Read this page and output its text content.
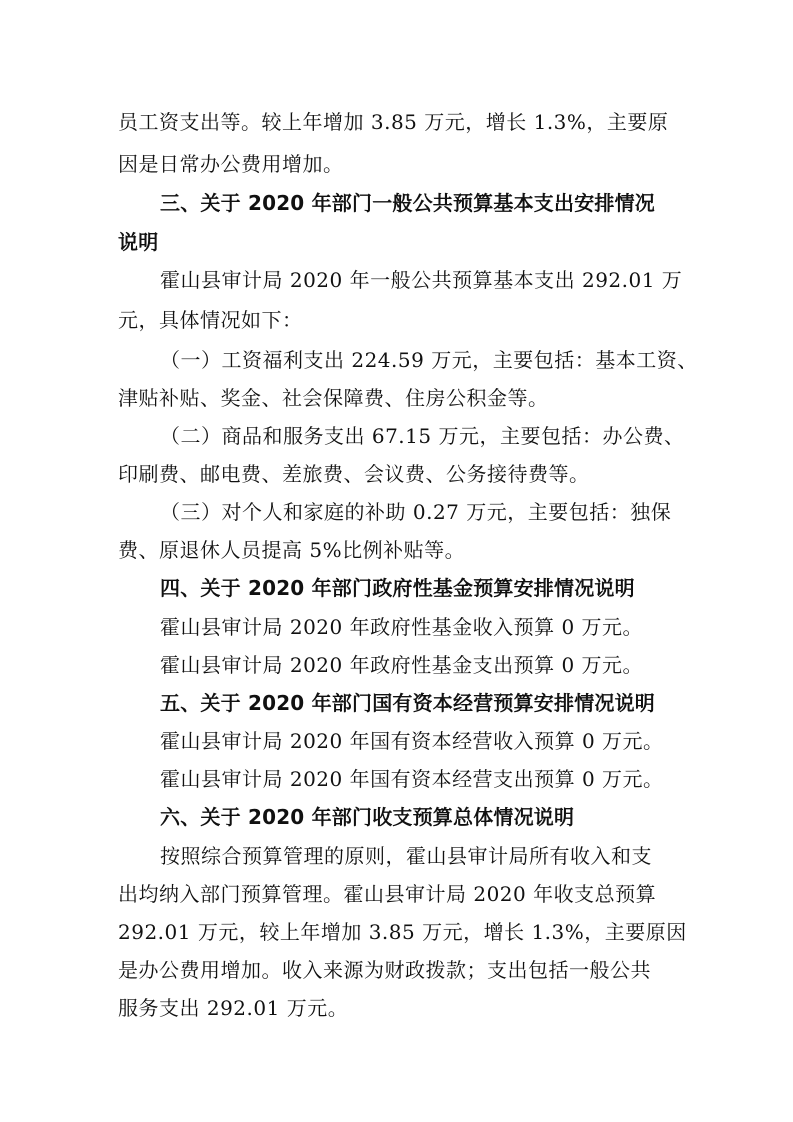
员工资支出等。较上年增加 3.85 万元，增长 1.3%，主要原
因是日常办公费用增加。
三、关于 2020 年部门一般公共预算基本支出安排情况
说明
霍山县审计局 2020 年一般公共预算基本支出 292.01 万
元，具体情况如下：
（一）工资福利支出 224.59 万元，主要包括：基本工资、
津贴补贴、奖金、社会保障费、住房公积金等。
（二）商品和服务支出 67.15 万元，主要包括：办公费、
印刷费、邮电费、差旅费、会议费、公务接待费等。
（三）对个人和家庭的补助 0.27 万元，主要包括：独保
费、原退休人员提高 5%比例补贴等。
四、关于 2020 年部门政府性基金预算安排情况说明
霍山县审计局 2020 年政府性基金收入预算 0 万元。
霍山县审计局 2020 年政府性基金支出预算 0 万元。
五、关于 2020 年部门国有资本经营预算安排情况说明
霍山县审计局 2020 年国有资本经营收入预算 0 万元。
霍山县审计局 2020 年国有资本经营支出预算 0 万元。
六、关于 2020 年部门收支预算总体情况说明
按照综合预算管理的原则，霍山县审计局所有收入和支
出均纳入部门预算管理。霍山县审计局 2020 年收支总预算
292.01 万元，较上年增加 3.85 万元，增长 1.3%，主要原因
是办公费用增加。收入来源为财政拨款；支出包括一般公共
服务支出 292.01 万元。
